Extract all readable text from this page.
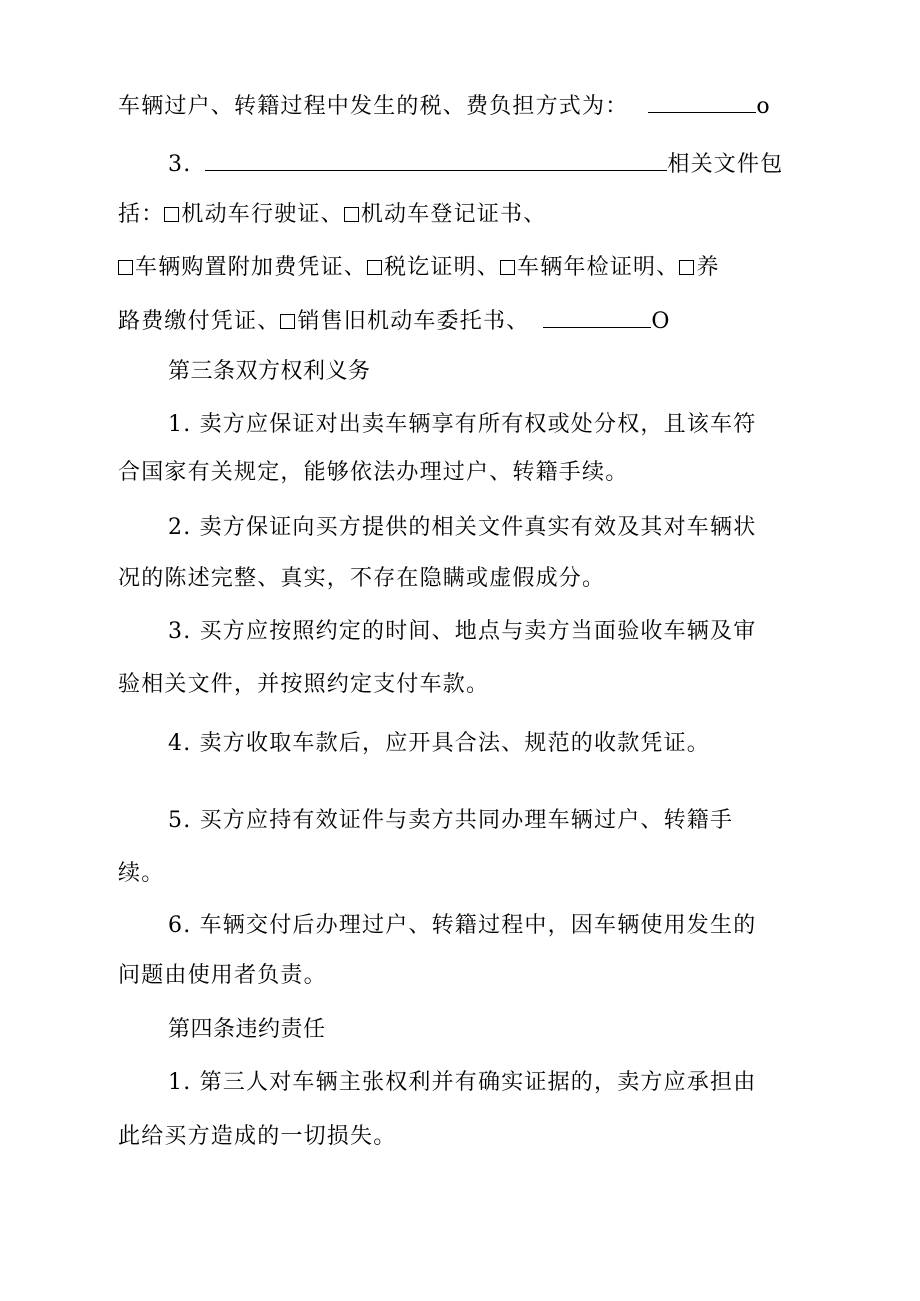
车辆过户、转籍过程中发生的税、费负担方式为：	o
3.	相关文件包
括： 机动车行驶证、 机动车登记证书、
车辆购置附加费凭证、 税讫证明、 车辆年检证明、 养
路费缴付凭证、 销售旧机动车委托书、	O
第三条双方权利义务
1. 卖方应保证对出卖车辆享有所有权或处分权，且该车符
合国家有关规定，能够依法办理过户、转籍手续。
2. 卖方保证向买方提供的相关文件真实有效及其对车辆状
况的陈述完整、真实，不存在隐瞒或虚假成分。
3. 买方应按照约定的时间、地点与卖方当面验收车辆及审
验相关文件，并按照约定支付车款。
4. 卖方收取车款后，应开具合法、规范的收款凭证。
5. 买方应持有效证件与卖方共同办理车辆过户、转籍手
续。
6. 车辆交付后办理过户、转籍过程中，因车辆使用发生的
问题由使用者负责。
第四条违约责任
1. 第三人对车辆主张权利并有确实证据的，卖方应承担由
此给买方造成的一切损失。
